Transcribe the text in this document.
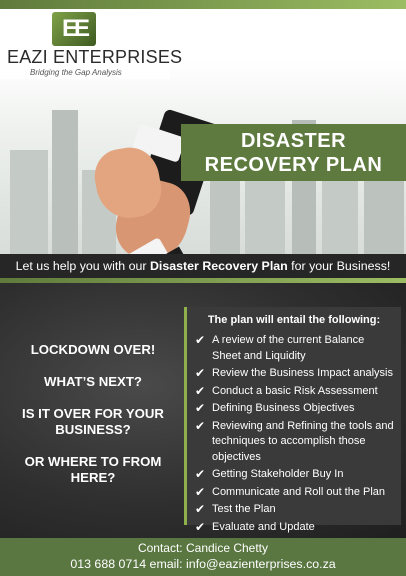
EE
EAZI ENTERPRISES
Bridging the Gap Analysis
DISASTER
RECOVERY PLAN
Let us help you with our Disaster Recovery Plan for your Business!
LOCKDOWN OVER!
WHAT’S NEXT?
IS IT OVER FOR YOUR BUSINESS?
OR WHERE TO FROM HERE?
The plan will entail the following:
✔ A review of the current Balance Sheet and Liquidity
✔ Review the Business Impact analysis
✔ Conduct a basic Risk Assessment
✔ Defining Business Objectives
✔ Reviewing and Refining the tools and techniques to accomplish those objectives
✔ Getting Stakeholder Buy In
✔ Communicate and Roll out the Plan
✔ Test the Plan
✔ Evaluate and Update
Contact: Candice Chetty
013 688 0714 email: info@eazienterprises.co.za
